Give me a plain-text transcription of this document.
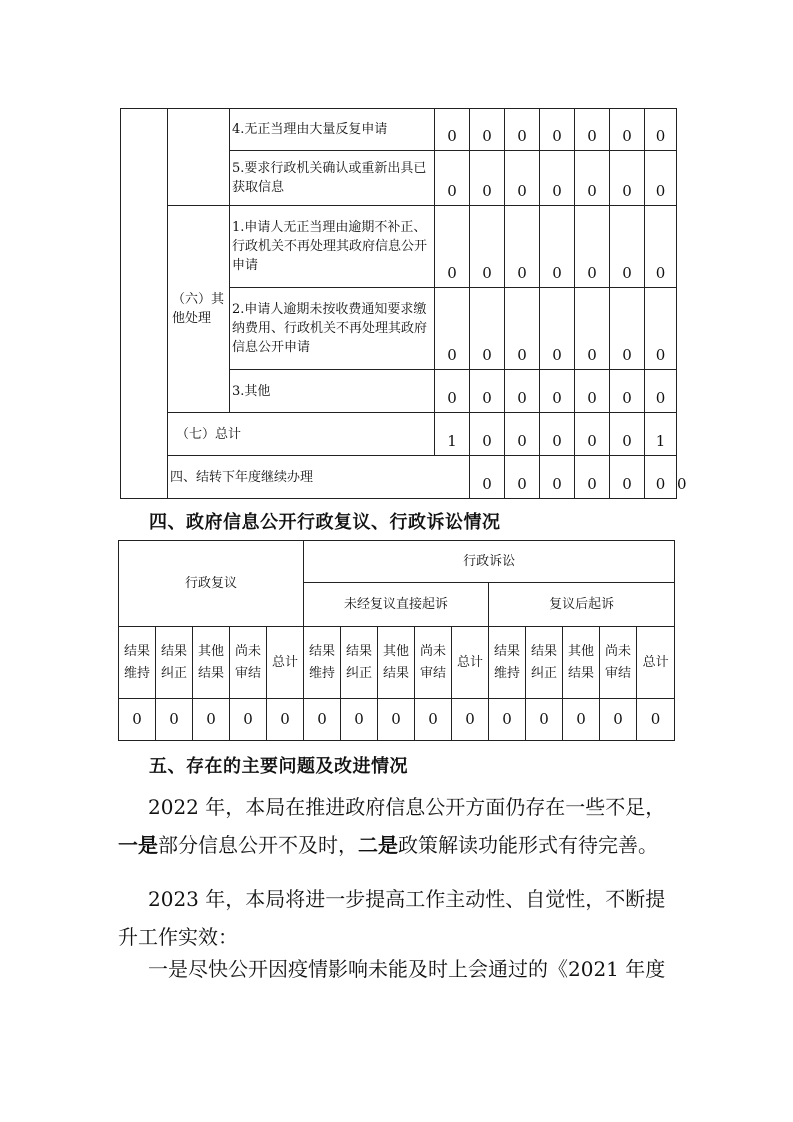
		4.无正当理由大量反复申请	0	0	0	0	0	0	0	
		5.要求行政机关确认或重新出具已获取信息	0	0	0	0	0	0	0	
	（六）其他处理	1.申请人无正当理由逾期不补正、行政机关不再处理其政府信息公开申请	0	0	0	0	0	0	0	
		2.申请人逾期未按收费通知要求缴纳费用、行政机关不再处理其政府信息公开申请	0	0	0	0	0	0	0	
		3.其他	0	0	0	0	0	0	0	
	（七）总计		1	0	0	0	0	0	1	
	四、结转下年度继续办理			0	0	0	0	0	0	0
四、政府信息公开行政复议、行政诉讼情况
行政复议					行政诉讼									
					未经复议直接起诉					复议后起诉				
结果维持	结果纠正	其他结果	尚未审结	总计	结果维持	结果纠正	其他结果	尚未审结	总计	结果维持	结果纠正	其他结果	尚未审结	总计
0	0	0	0	0	0	0	0	0	0	0	0	0	0	0
五、存在的主要问题及改进情况
2022 年，本局在推进政府信息公开方面仍存在一些不足，一是部分信息公开不及时，二是政策解读功能形式有待完善。
2023 年，本局将进一步提高工作主动性、自觉性，不断提升工作实效：
一是尽快公开因疫情影响未能及时上会通过的《2021 年度
